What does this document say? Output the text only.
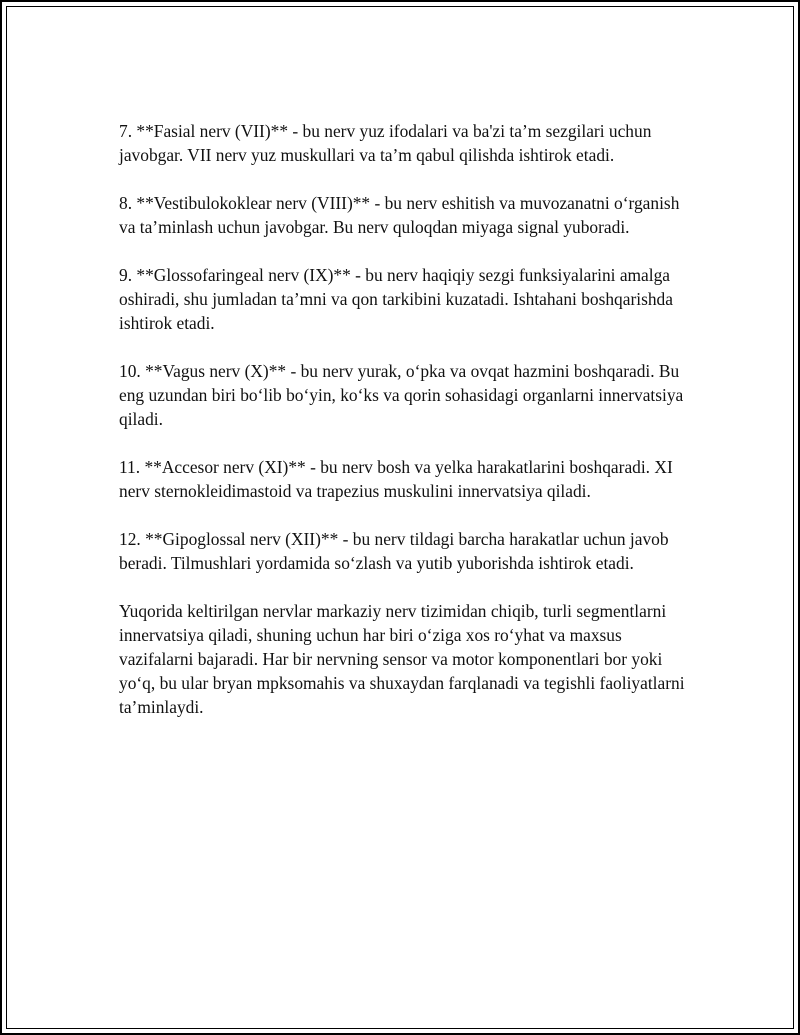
7. **Fasial nerv (VII)** - bu nerv yuz ifodalari va ba'zi ta’m sezgilari uchun javobgar. VII nerv yuz muskullari va ta’m qabul qilishda ishtirok etadi.

8. **Vestibulokoklear nerv (VIII)** - bu nerv eshitish va muvozanatni o‘rganish va ta’minlash uchun javobgar. Bu nerv quloqdan miyaga signal yuboradi.

9. **Glossofaringeal nerv (IX)** - bu nerv haqiqiy sezgi funksiyalarini amalga oshiradi, shu jumladan ta’mni va qon tarkibini kuzatadi. Ishtahani boshqarishda ishtirok etadi.

10. **Vagus nerv (X)** - bu nerv yurak, o‘pka va ovqat hazmini boshqaradi. Bu eng uzundan biri bo‘lib bo‘yin, ko‘ks va qorin sohasidagi organlarni innervatsiya qiladi.

11. **Accesor nerv (XI)** - bu nerv bosh va yelka harakatlarini boshqaradi. XI nerv sternokleidimastoid va trapezius muskulini innervatsiya qiladi.

12. **Gipoglossal nerv (XII)** - bu nerv tildagi barcha harakatlar uchun javob beradi. Tilmushlari yordamida so‘zlash va yutib yuborishda ishtirok etadi.

Yuqorida keltirilgan nervlar markaziy nerv tizimidan chiqib, turli segmentlarni innervatsiya qiladi, shuning uchun har biri o‘ziga xos ro‘yhat va maxsus vazifalarni bajaradi. Har bir nervning sensor va motor komponentlari bor yoki yo‘q, bu ular bryan mpksomahis va shuxaydan farqlanadi va tegishli faoliyatlarni ta’minlaydi.
